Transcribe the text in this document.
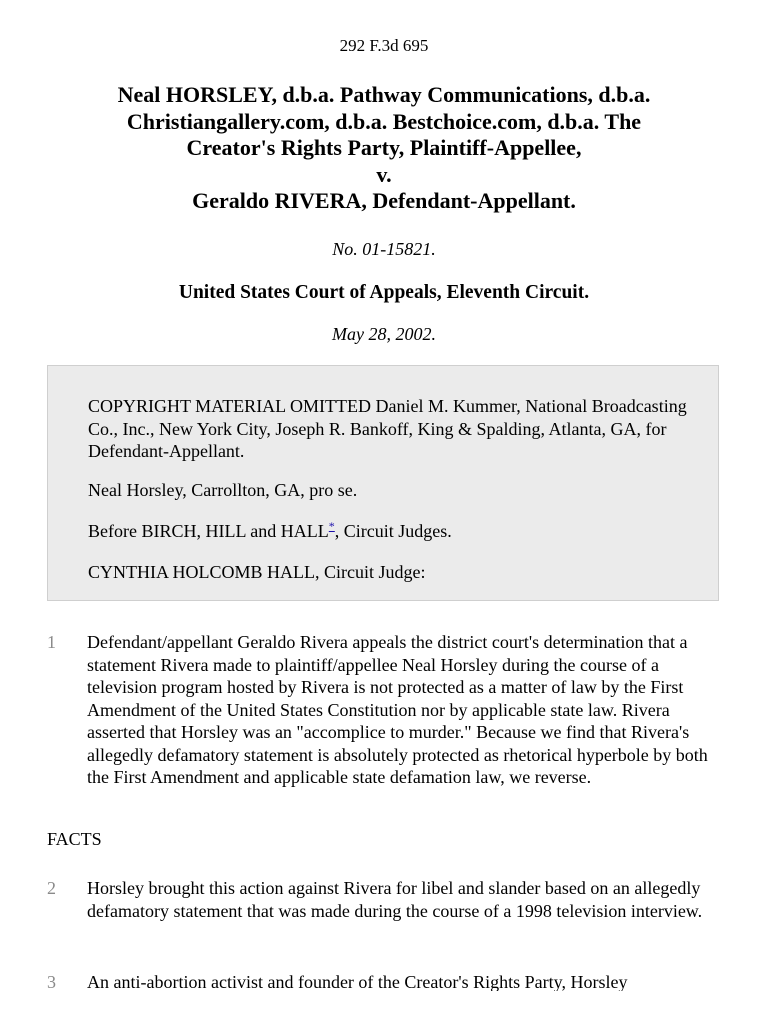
292 F.3d 695
Neal HORSLEY, d.b.a. Pathway Communications, d.b.a.
Christiangallery.com, d.b.a. Bestchoice.com, d.b.a. The
Creator's Rights Party, Plaintiff-Appellee,
v.
Geraldo RIVERA, Defendant-Appellant.
No. 01-15821.
United States Court of Appeals, Eleventh Circuit.
May 28, 2002.

COPYRIGHT MATERIAL OMITTED Daniel M. Kummer, National Broadcasting Co., Inc., New York City, Joseph R. Bankoff, King & Spalding, Atlanta, GA, for Defendant-Appellant.

Neal Horsley, Carrollton, GA, pro se.

Before BIRCH, HILL and HALL*, Circuit Judges.

CYNTHIA HOLCOMB HALL, Circuit Judge:

1 Defendant/appellant Geraldo Rivera appeals the district court's determination that a statement Rivera made to plaintiff/appellee Neal Horsley during the course of a television program hosted by Rivera is not protected as a matter of law by the First Amendment of the United States Constitution nor by applicable state law. Rivera asserted that Horsley was an "accomplice to murder." Because we find that Rivera's allegedly defamatory statement is absolutely protected as rhetorical hyperbole by both the First Amendment and applicable state defamation law, we reverse.

FACTS
2 Horsley brought this action against Rivera for libel and slander based on an allegedly defamatory statement that was made during the course of a 1998 television interview.

3 An anti-abortion activist and founder of the Creator's Rights Party, Horsley
